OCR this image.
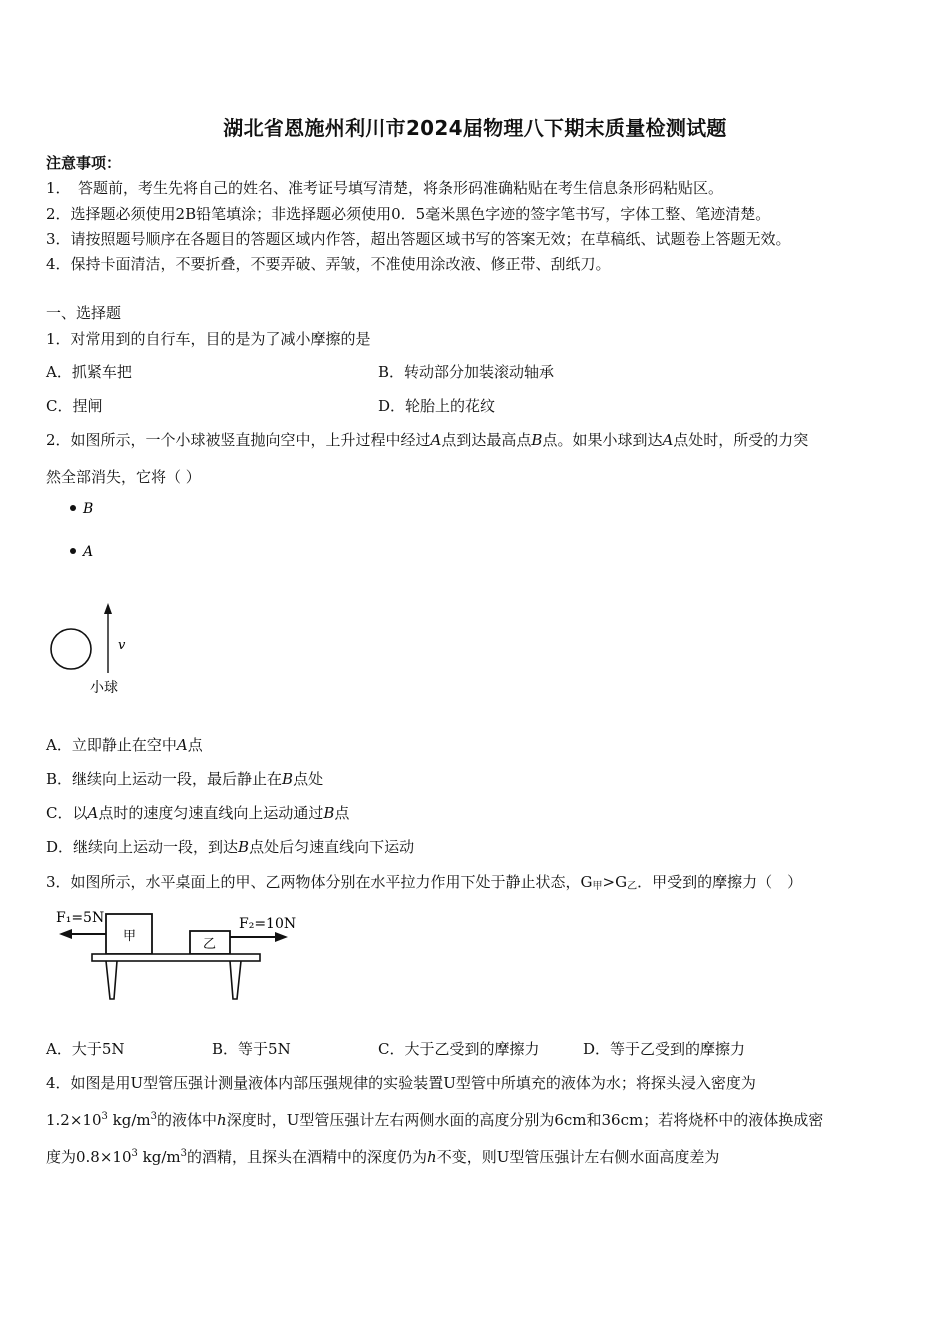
湖北省恩施州利川市2024届物理八下期末质量检测试题
注意事项：
1．　答题前，考生先将自己的姓名、准考证号填写清楚，将条形码准确粘贴在考生信息条形码粘贴区。
2．选择题必须使用2B铅笔填涂；非选择题必须使用0．5毫米黑色字迹的签字笔书写，字体工整、笔迹清楚。
3．请按照题号顺序在各题目的答题区域内作答，超出答题区域书写的答案无效；在草稿纸、试题卷上答题无效。
4．保持卡面清洁，不要折叠，不要弄破、弄皱，不准使用涂改液、修正带、刮纸刀。
一、选择题
1．对常用到的自行车，目的是为了减小摩擦的是
A．抓紧车把	B．转动部分加装滚动轴承
C．捏闸	D．轮胎上的花纹
2．如图所示，一个小球被竖直抛向空中，上升过程中经过A点到达最高点B点。如果小球到达A点处时，所受的力突
然全部消失，它将（ ）
B
A
v
小球
A．立即静止在空中A点
B．继续向上运动一段，最后静止在B点处
C．以A点时的速度匀速直线向上运动通过B点
D．继续向上运动一段，到达B点处后匀速直线向下运动
3．如图所示，水平桌面上的甲、乙两物体分别在水平拉力作用下处于静止状态，$G_甲>G_乙$．甲受到的摩擦力（　）
F₁=5N
甲
乙
F₂=10N
A．大于5N	B．等于5N	C．大于乙受到的摩擦力	D．等于乙受到的摩擦力
4．如图是用U型管压强计测量液体内部压强规律的实验装置U型管中所填充的液体为水；将探头浸入密度为
$1.2\times 10^3$ $kg/m^3$的液体中h深度时，U型管压强计左右两侧水面的高度分别为6cm和36cm；若将烧杯中的液体换成密
度为$0.8\times 10^3$ $kg/m^3$的酒精，且探头在酒精中的深度仍为h不变，则U型管压强计左右侧水面高度差为
